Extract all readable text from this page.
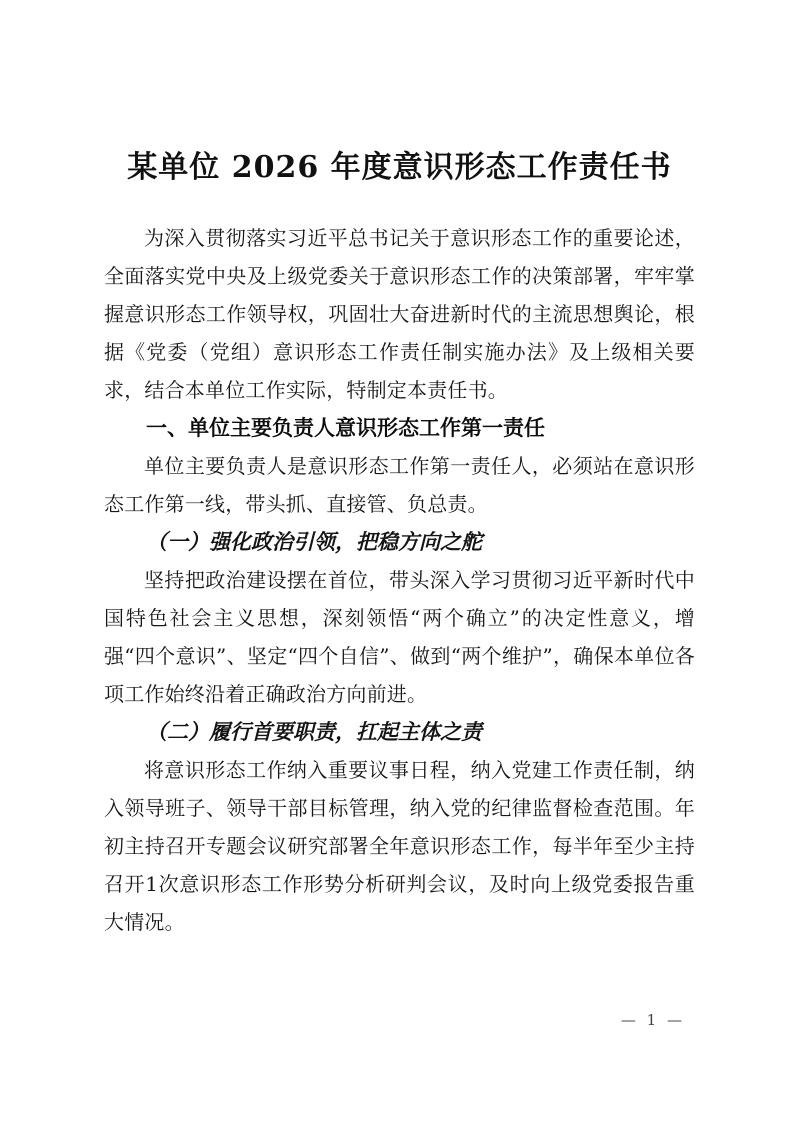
某单位 2026 年度意识形态工作责任书

为深入贯彻落实习近平总书记关于意识形态工作的重要论述，全面落实党中央及上级党委关于意识形态工作的决策部署，牢牢掌握意识形态工作领导权，巩固壮大奋进新时代的主流思想舆论，根据《党委（党组）意识形态工作责任制实施办法》及上级相关要求，结合本单位工作实际，特制定本责任书。

一、单位主要负责人意识形态工作第一责任

单位主要负责人是意识形态工作第一责任人，必须站在意识形态工作第一线，带头抓、直接管、负总责。

（一）强化政治引领，把稳方向之舵

坚持把政治建设摆在首位，带头深入学习贯彻习近平新时代中国特色社会主义思想，深刻领悟“两个确立”的决定性意义，增强“四个意识”、坚定“四个自信”、做到“两个维护”，确保本单位各项工作始终沿着正确政治方向前进。

（二）履行首要职责，扛起主体之责

将意识形态工作纳入重要议事日程，纳入党建工作责任制，纳入领导班子、领导干部目标管理，纳入党的纪律监督检查范围。年初主持召开专题会议研究部署全年意识形态工作，每半年至少主持召开1次意识形态工作形势分析研判会议，及时向上级党委报告重大情况。

— 1 —
